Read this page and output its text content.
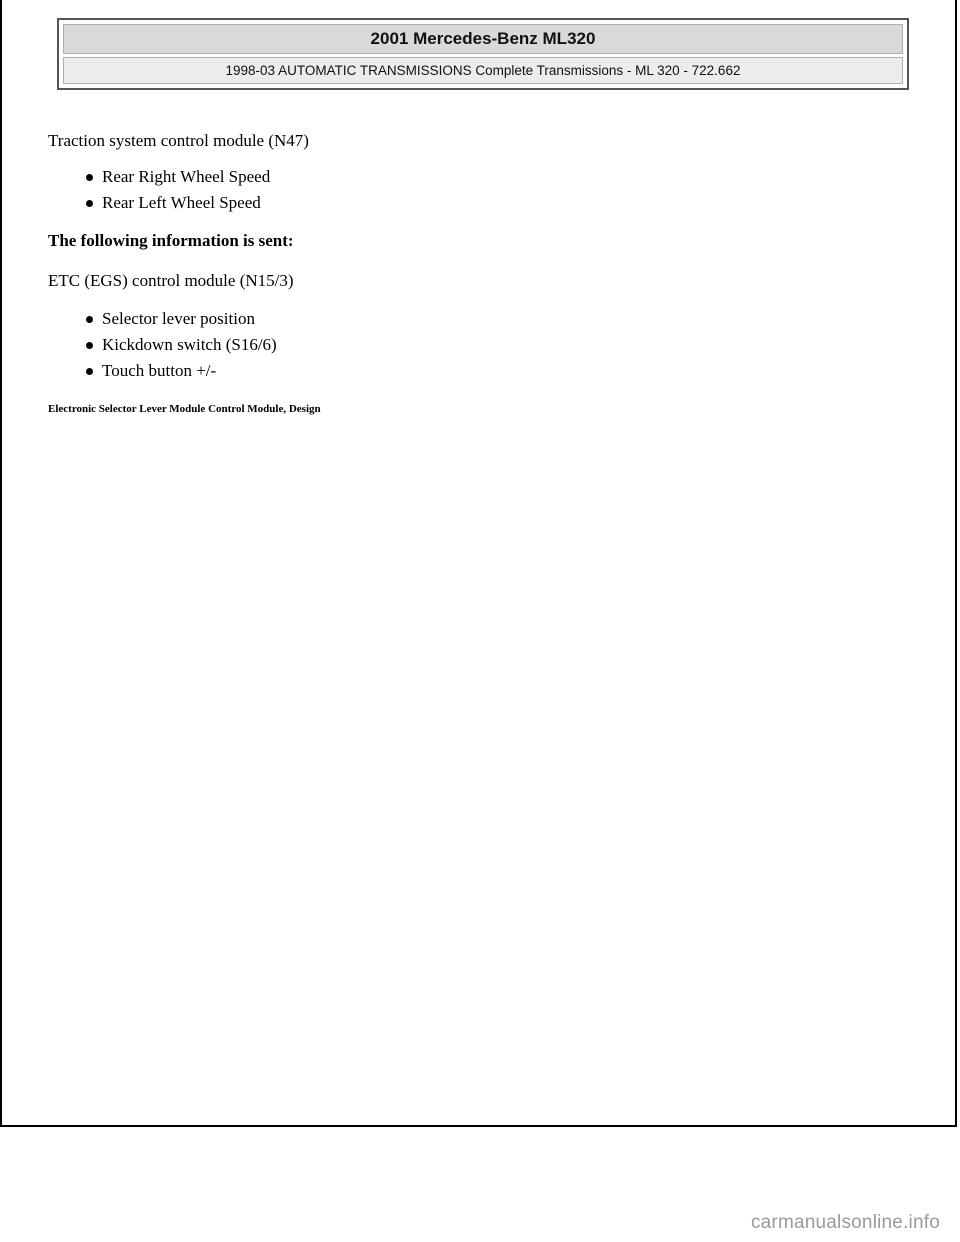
2001 Mercedes-Benz ML320
1998-03 AUTOMATIC TRANSMISSIONS Complete Transmissions - ML 320 - 722.662

Traction system control module (N47)

Rear Right Wheel Speed
Rear Left Wheel Speed

The following information is sent:

ETC (EGS) control module (N15/3)

Selector lever position
Kickdown switch (S16/6)
Touch button +/-

Electronic Selector Lever Module Control Module, Design

carmanualsonline.info
